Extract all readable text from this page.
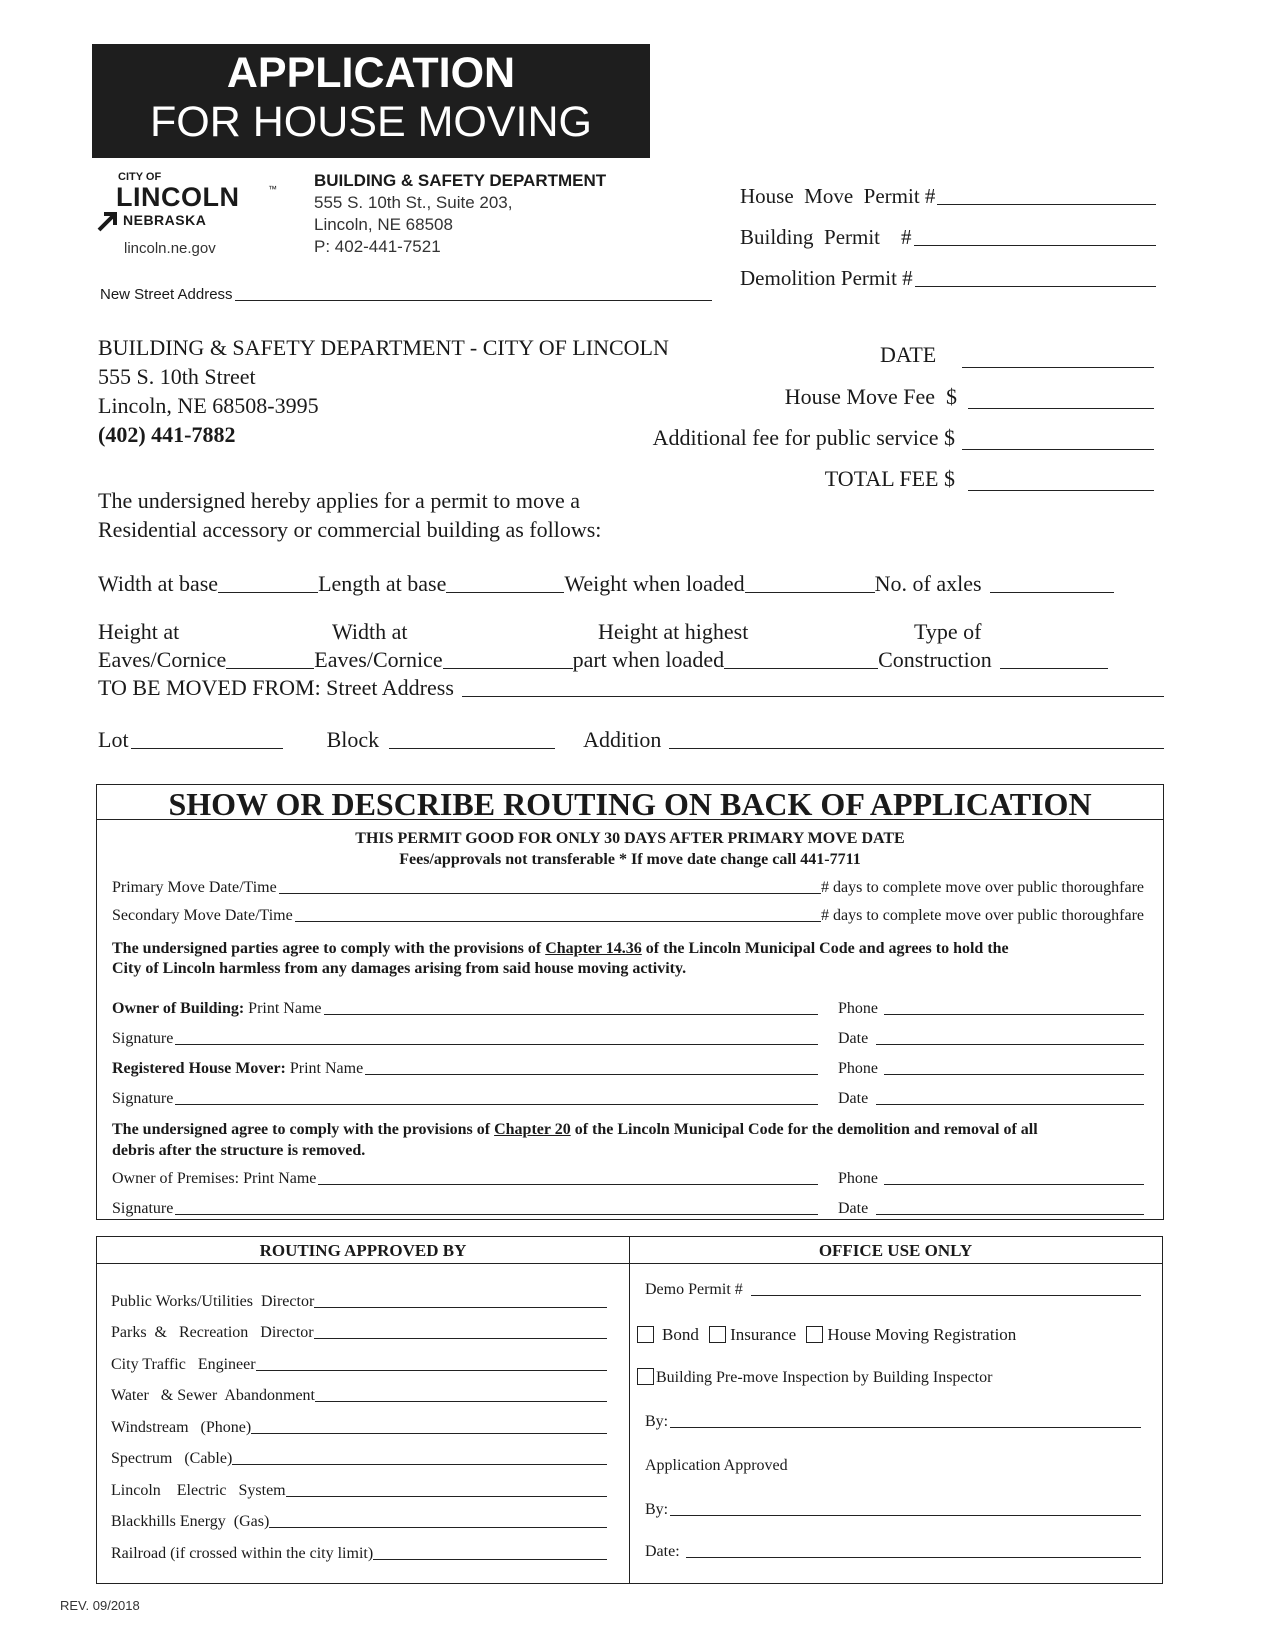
APPLICATION
FOR HOUSE MOVING
CITY OF
LINCOLN	™
NEBRASKA
lincoln.ne.gov
BUILDING & SAFETY DEPARTMENT
555 S. 10th St., Suite 203,
Lincoln, NE 68508
P: 402-441-7521
House  Move  Permit #
Building  Permit    #
Demolition Permit #
New Street Address
BUILDING & SAFETY DEPARTMENT - CITY OF LINCOLN
555 S. 10th Street
Lincoln, NE 68508-3995
(402) 441-7882
DATE
House Move Fee  $
Additional fee for public service $
TOTAL FEE $
The undersigned hereby applies for a permit to move a
Residential accessory or commercial building as follows:
Width at base	Length at base	Weight when loaded	No. of axles
Height at	Width at	Height at highest	Type of
Eaves/Cornice	Eaves/Cornice	part when loaded	Construction
TO BE MOVED FROM: Street Address
Lot	Block	Addition
SHOW OR DESCRIBE ROUTING ON BACK OF APPLICATION
THIS PERMIT GOOD FOR ONLY 30 DAYS AFTER PRIMARY MOVE DATE
Fees/approvals not transferable * If move date change call 441-7711
Primary Move Date/Time	# days to complete move over public thoroughfare
Secondary Move Date/Time	# days to complete move over public thoroughfare
The undersigned parties agree to comply with the provisions of Chapter 14.36 of the Lincoln Municipal Code and agrees to hold the
City of Lincoln harmless from any damages arising from said house moving activity.
Owner of Building:
Print Name	Phone
Signature	Date
Registered House Mover:
Print Name	Phone
Signature	Date
The undersigned agree to comply with the provisions of Chapter 20 of the Lincoln Municipal Code for the demolition and removal of all
debris after the structure is removed.
Owner of Premises: Print Name	Phone
Signature	Date
ROUTING APPROVED BY
Public Works/Utilities  Director
Parks  &   Recreation   Director
City Traffic   Engineer
Water   & Sewer  Abandonment
Windstream   (Phone)
Spectrum   (Cable)
Lincoln    Electric   System
Blackhills Energy  (Gas)
Railroad (if crossed within the city limit)
OFFICE USE ONLY
Demo Permit #
Bond Insurance House Moving Registration
Building Pre-move Inspection by Building Inspector
By:
Application Approved
By:
Date:
REV. 09/2018
